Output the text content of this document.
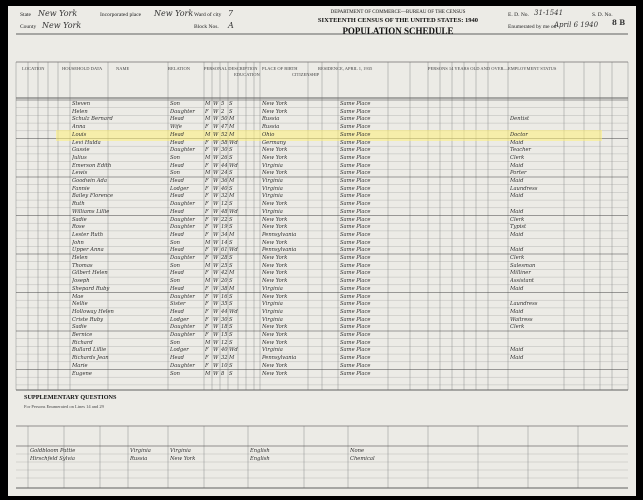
State New York
County New York
Incorporated place New York Ward of city 7
Block Nos. A
DEPARTMENT OF COMMERCE—BUREAU OF THE CENSUS
SIXTEENTH CENSUS OF THE UNITED STATES: 1940
POPULATION SCHEDULE
E. D. No. 31-1541	S. D. No.
8 B
Enumerated by me on
April 6 1940
LOCATION	HOUSEHOLD DATA	NAME	RELATION	PERSONAL DESCRIPTION
EDUCATION
PLACE OF BIRTH
CITIZENSHIP
RESIDENCE, APRIL 1, 1935	PERSONS 14 YEARS OLD AND OVER—EMPLOYMENT STATUS
Steven	Son	M W 5 S	New York	Same Place
Helen	Daughter	F W 2 S	New York	Same Place
Schulz Bernard	Head	M W 50 M	Russia	Same Place	Dentist
Anna	Wife	F W 47 M	Russia	Same Place
Louis	Head	M W 52 M	Ohio	Same Place	Doctor
Levi Hulda	Head	F W 58 Wd	Germany	Same Place	Maid
Gussie	Daughter	F W 30 S	New York	Same Place	Teacher
Julius	Son	M W 26 S	New York	Same Place	Clerk
Emerson Edith	Head	F W 44 Wd	Virginia	Same Place	Maid
Lewis	Son	M W 24 S	New York	Same Place	Porter
Goodwin Ada	Head	F W 36 M	Virginia	Same Place	Maid
Fannie	Lodger	F W 40 S	Virginia	Same Place	Laundress
Bailey Florence	Head	F W 32 M	Virginia	Same Place	Maid
Ruth	Daughter	F W 12 S	New York	Same Place
Williams Lillie	Head	F W 48 Wd	Virginia	Same Place	Maid
Sadie	Daughter	F W 22 S	New York	Same Place	Clerk
Rose	Daughter	F W 19 S	New York	Same Place	Typist
Lester Ruth	Head	F W 34 M	Pennsylvania	Same Place	Maid
John	Son	M W 14 S	New York	Same Place
Upper Anna	Head	F W 61 Wd	Pennsylvania	Same Place	Maid
Helen	Daughter	F W 28 S	New York	Same Place	Clerk
Thomas	Son	M W 25 S	New York	Same Place	Salesman
Gilbert Helen	Head	F W 42 M	New York	Same Place	Milliner
Joseph	Son	M W 20 S	New York	Same Place	Assistant
Shepard Ruby	Head	F W 38 M	Virginia	Same Place	Maid
Mae	Daughter	F W 16 S	New York	Same Place
Nellie	Sister	F W 35 S	Virginia	Same Place	Laundress
Holloway Helen	Head	F W 44 Wd	Virginia	Same Place	Maid
Criste Ruby	Lodger	F W 30 S	Virginia	Same Place	Waitress
Sadie	Daughter	F W 18 S	New York	Same Place	Clerk
Bernice	Daughter	F W 15 S	New York	Same Place
Richard	Son	M W 12 S	New York	Same Place
Bullard Lillie	Lodger	F W 40 Wd	Virginia	Same Place	Maid
Richards Jean	Head	F W 32 M	Pennsylvania	Same Place	Maid
Marie	Daughter	F W 10 S	New York	Same Place
Eugene	Son	M W 8 S	New York	Same Place
SUPPLEMENTARY QUESTIONS
For Persons Enumerated on Lines 14 and 29
Goldbloom Pattie	Virginia	Virginia	English	None
Hirschfeld Sylvia	Russia	New York	English	Chemical
